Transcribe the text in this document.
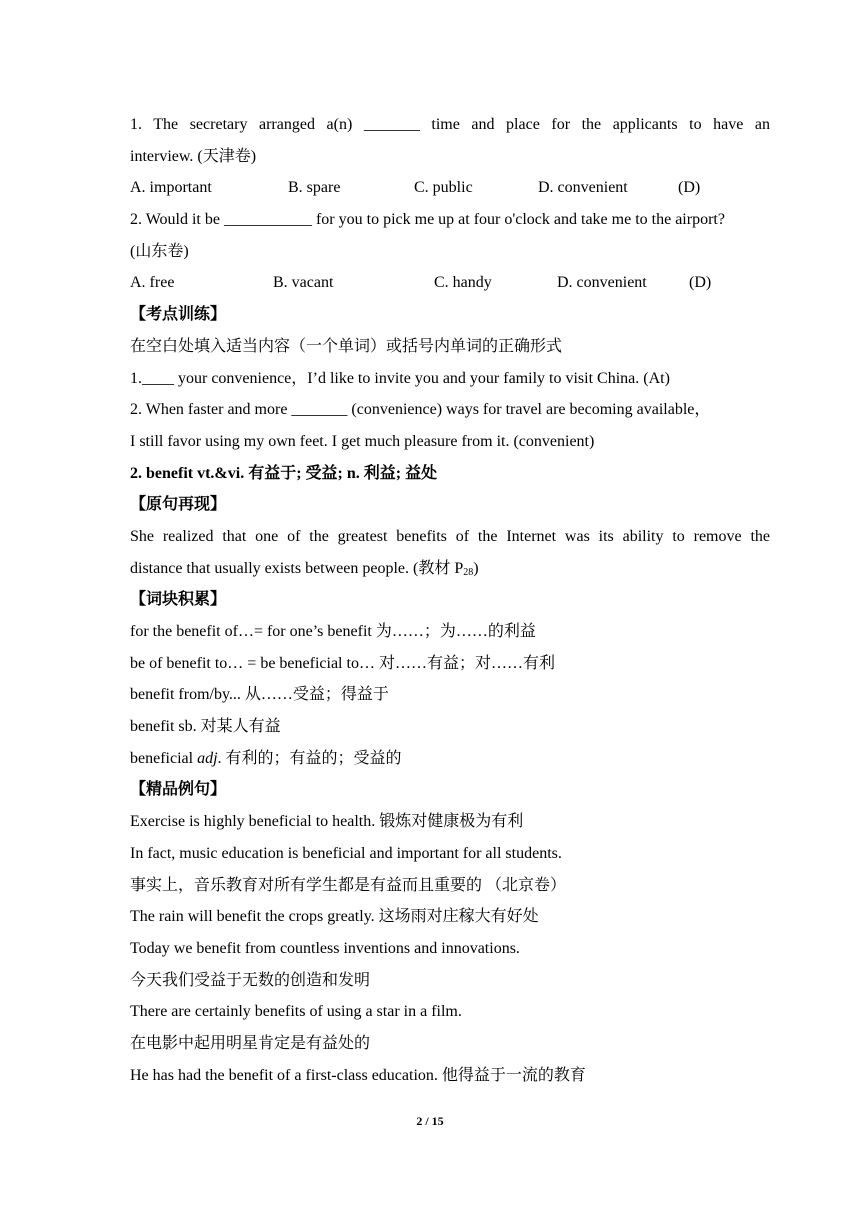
1. The secretary arranged a(n) _______ time and place for the applicants to have an
interview. (天津卷)
A. important	B. spare	C. public	D. convenient	(D)
2. Would it be ___________ for you to pick me up at four o'clock and take me to the airport?
(山东卷)
A. free	B. vacant	C. handy	D. convenient	(D)
【考点训练】
在空白处填入适当内容（一个单词）或括号内单词的正确形式
1.____ your convenience，I’d like to invite you and your family to visit China. (At)
2. When faster and more _______ (convenience) ways for travel are becoming available，
I still favor using my own feet. I get much pleasure from it. (convenient)
2. benefit vt.&vi. 有益于; 受益; n. 利益; 益处
【原句再现】
She realized that one of the greatest benefits of the Internet was its ability to remove the
distance that usually exists between people. (教材 $P_{28}$)
【词块积累】
for the benefit of…= for one’s benefit 为……；为……的利益
be of benefit to… = be beneficial to… 对……有益；对……有利
benefit from/by... 从……受益；得益于
benefit sb. 对某人有益
beneficial adj. 有利的；有益的；受益的
【精品例句】
Exercise is highly beneficial to health. 锻炼对健康极为有利
In fact, music education is beneficial and important for all students.
事实上，音乐教育对所有学生都是有益而且重要的 （北京卷）
The rain will benefit the crops greatly. 这场雨对庄稼大有好处
Today we benefit from countless inventions and innovations.
今天我们受益于无数的创造和发明
There are certainly benefits of using a star in a film.
在电影中起用明星肯定是有益处的
He has had the benefit of a first-class education. 他得益于一流的教育
2 / 15
